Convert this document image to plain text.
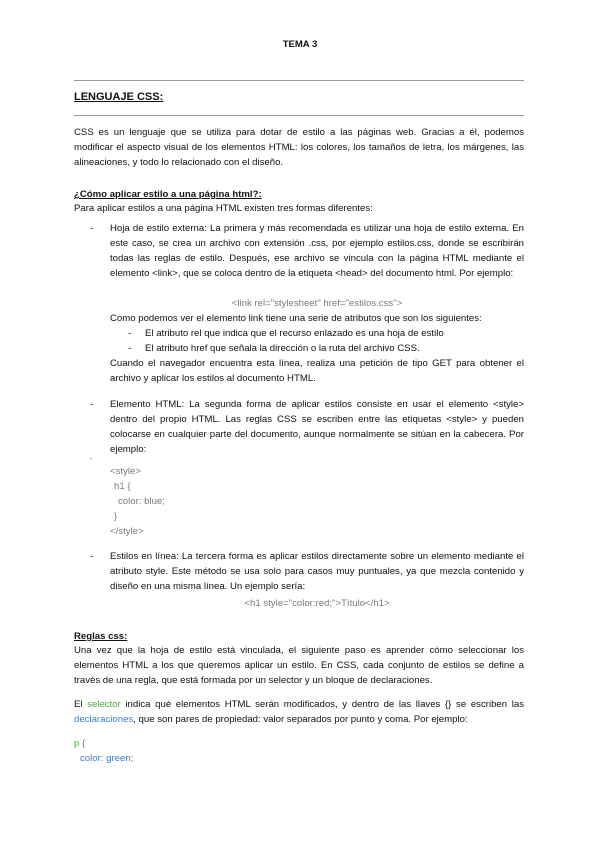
TEMA 3
LENGUAJE CSS:

CSS es un lenguaje que se utiliza para dotar de estilo a las páginas web. Gracias a él, podemos modificar el aspecto visual de los elementos HTML: los colores, los tamaños de letra, los márgenes, las alineaciones, y todo lo relacionado con el diseño.

¿Cómo aplicar estilo a una página html?:
Para aplicar estilos a una página HTML existen tres formas diferentes:
- Hoja de estilo externa: La primera y más recomendada es utilizar una hoja de estilo externa. En este caso, se crea un archivo con extensión .css, por ejemplo estilos.css, donde se escribirán todas las reglas de estilo. Después, ese archivo se vincula con la página HTML mediante el elemento <link>, que se coloca dentro de la etiqueta <head> del documento html. Por ejemplo:

<link rel="stylesheet" href="estilos.css">
Como podemos ver el elemento link tiene una serie de atributos que son los siguientes:
- El atributo rel que indica que el recurso enlazado es una hoja de estilo
- El atributo href que señala la dirección o la ruta del archivo CSS.

Cuando el navegador encuentra esta línea, realiza una petición de tipo GET para obtener el archivo y aplicar los estilos al documento HTML.

- Elemento HTML: La segunda forma de aplicar estilos consiste en usar el elemento <style> dentro del propio HTML. Las reglas CSS se escriben entre las etiquetas <style> y pueden colocarse en cualquier parte del documento, aunque normalmente se sitúan en la cabecera. Por ejemplo:

.
<style>
h1 {
color: blue;
}
</style>
- Estilos en línea: La tercera forma es aplicar estilos directamente sobre un elemento mediante el atributo style. Este método se usa solo para casos muy puntuales, ya que mezcla contenido y diseño en una misma línea. Un ejemplo sería:

<h1 style="color:red;">Título</h1>
Reglas css:

Una vez que la hoja de estilo está vinculada, el siguiente paso es aprender cómo seleccionar los elementos HTML a los que queremos aplicar un estilo. En CSS, cada conjunto de estilos se define a través de una regla, que está formada por un selector y un bloque de declaraciones.

El selector indica qué elementos HTML serán modificados, y dentro de las llaves {} se escriben las declaraciones, que son pares de propiedad: valor separados por punto y coma. Por ejemplo:

p {
color: green;
